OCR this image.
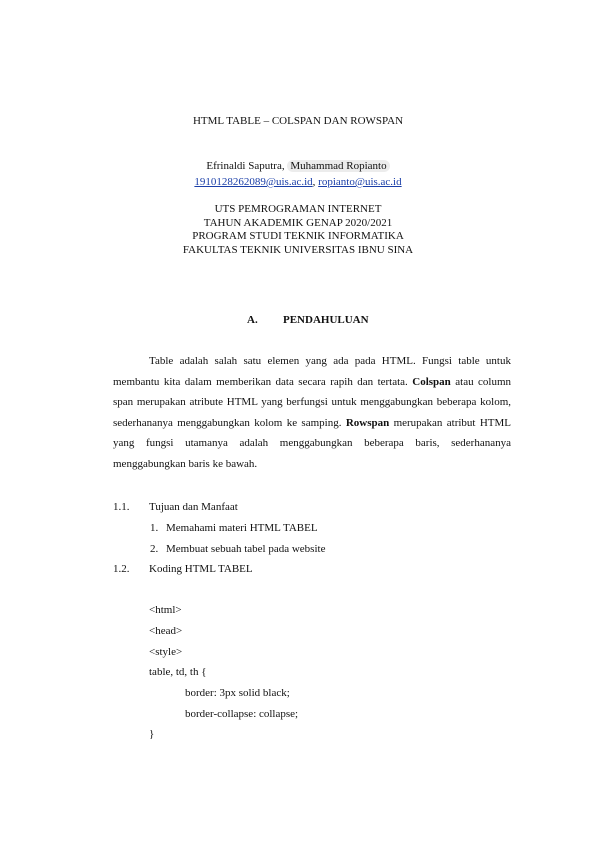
HTML TABLE – COLSPAN DAN ROWSPAN
Efrinaldi Saputra, Muhammad Ropianto
1910128262089@uis.ac.id, ropianto@uis.ac.id
UTS PEMROGRAMAN INTERNET
TAHUN AKADEMIK GENAP 2020/2021
PROGRAM STUDI TEKNIK INFORMATIKA
FAKULTAS TEKNIK UNIVERSITAS IBNU SINA
A. PENDAHULUAN

Table adalah salah satu elemen yang ada pada HTML. Fungsi table untuk membantu kita dalam memberikan data secara rapih dan tertata. Colspan atau column span merupakan atribute HTML yang berfungsi untuk menggabungkan beberapa kolom, sederhananya menggabungkan kolom ke samping. Rowspan merupakan atribut HTML yang fungsi utamanya adalah menggabungkan beberapa baris, sederhananya menggabungkan baris ke bawah.

1.1. Tujuan dan Manfaat
1. Memahami materi HTML TABEL
2. Membuat sebuah tabel pada website
1.2. Koding HTML TABEL
<html>
<head>
<style>
table, td, th {
border: 3px solid black;
border-collapse: collapse;
}
